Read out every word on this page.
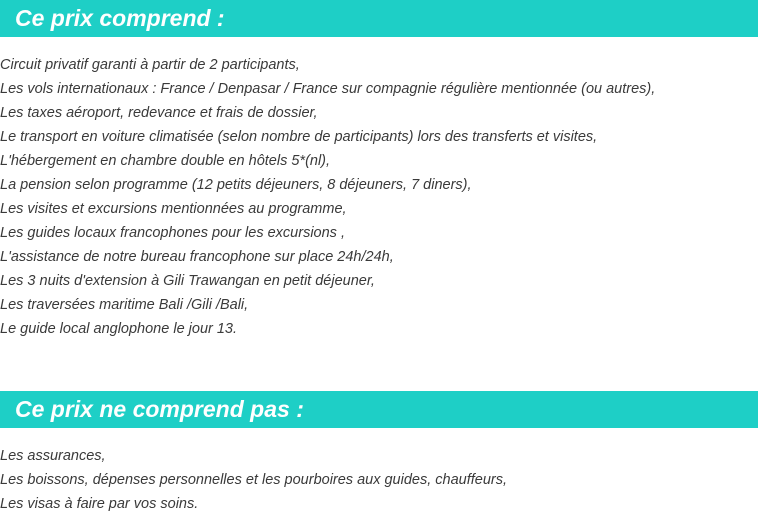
Ce prix comprend :
Circuit privatif garanti à partir de 2 participants,
Les vols internationaux : France / Denpasar / France sur compagnie régulière mentionnée (ou autres),
Les taxes aéroport, redevance et frais de dossier,
Le transport en voiture climatisée (selon nombre de participants) lors des transferts et visites,
L'hébergement en chambre double en hôtels 5*(nl),
La pension selon programme (12 petits déjeuners, 8 déjeuners, 7 diners),
Les visites et excursions mentionnées au programme,
Les guides locaux francophones pour les excursions ,
L'assistance de notre bureau francophone sur place 24h/24h,
Les 3 nuits d'extension à Gili Trawangan en petit déjeuner,
Les traversées maritime Bali /Gili /Bali,
Le guide local anglophone le jour 13.
Ce prix ne comprend pas :
Les assurances,
Les boissons, dépenses personnelles et les pourboires aux guides, chauffeurs,
Les visas à faire par vos soins.
